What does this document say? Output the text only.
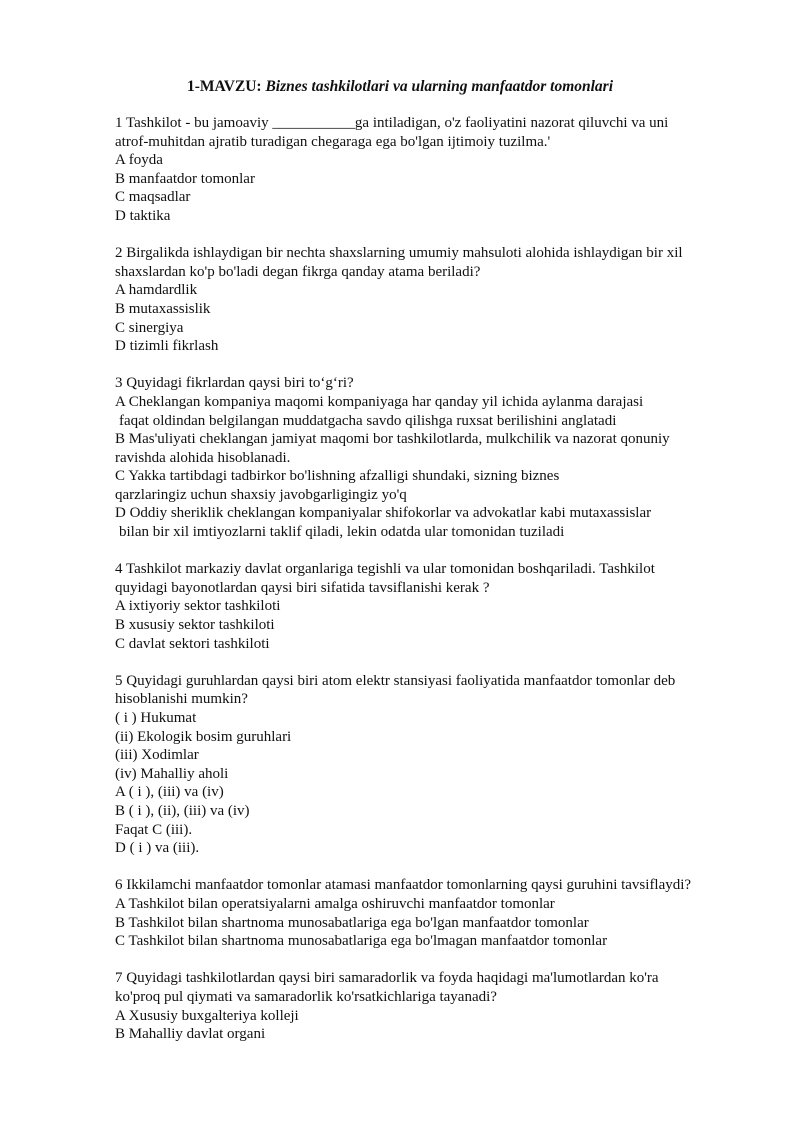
1-MAVZU: Biznes tashkilotlari va ularning manfaatdor tomonlari
1 Tashkilot - bu jamoaviy ___________ga intiladigan, o'z faoliyatini nazorat qiluvchi va uni
atrof-muhitdan ajratib turadigan chegaraga ega bo'lgan ijtimoiy tuzilma.'
A foyda
B manfaatdor tomonlar
C maqsadlar
D taktika
2 Birgalikda ishlaydigan bir nechta shaxslarning umumiy mahsuloti alohida ishlaydigan bir xil
shaxslardan ko'p bo'ladi degan fikrga qanday atama beriladi?
A hamdardlik
B mutaxassislik
C sinergiya
D tizimli fikrlash
3 Quyidagi fikrlardan qaysi biri to‘g‘ri?
A Cheklangan kompaniya maqomi kompaniyaga har qanday yil ichida aylanma darajasi
faqat oldindan belgilangan muddatgacha savdo qilishga ruxsat berilishini anglatadi
B Mas'uliyati cheklangan jamiyat maqomi bor tashkilotlarda, mulkchilik va nazorat qonuniy
ravishda alohida hisoblanadi.
C Yakka tartibdagi tadbirkor bo'lishning afzalligi shundaki, sizning biznes
qarzlaringiz uchun shaxsiy javobgarligingiz yo'q
D Oddiy sheriklik cheklangan kompaniyalar shifokorlar va advokatlar kabi mutaxassislar
bilan bir xil imtiyozlarni taklif qiladi, lekin odatda ular tomonidan tuziladi
4 Tashkilot markaziy davlat organlariga tegishli va ular tomonidan boshqariladi. Tashkilot
quyidagi bayonotlardan qaysi biri sifatida tavsiflanishi kerak ?
A ixtiyoriy sektor tashkiloti
B xususiy sektor tashkiloti
C davlat sektori tashkiloti
5 Quyidagi guruhlardan qaysi biri atom elektr stansiyasi faoliyatida manfaatdor tomonlar deb
hisoblanishi mumkin?
( i ) Hukumat
(ii) Ekologik bosim guruhlari
(iii) Xodimlar
(iv) Mahalliy aholi
A ( i ), (iii) va (iv)
B ( i ), (ii), (iii) va (iv)
Faqat C (iii).
D ( i ) va (iii).
6 Ikkilamchi manfaatdor tomonlar atamasi manfaatdor tomonlarning qaysi guruhini tavsiflaydi?
A Tashkilot bilan operatsiyalarni amalga oshiruvchi manfaatdor tomonlar
B Tashkilot bilan shartnoma munosabatlariga ega bo'lgan manfaatdor tomonlar
C Tashkilot bilan shartnoma munosabatlariga ega bo'lmagan manfaatdor tomonlar
7 Quyidagi tashkilotlardan qaysi biri samaradorlik va foyda haqidagi ma'lumotlardan ko'ra
ko'proq pul qiymati va samaradorlik ko'rsatkichlariga tayanadi?
A Xususiy buxgalteriya kolleji
B Mahalliy davlat organi
